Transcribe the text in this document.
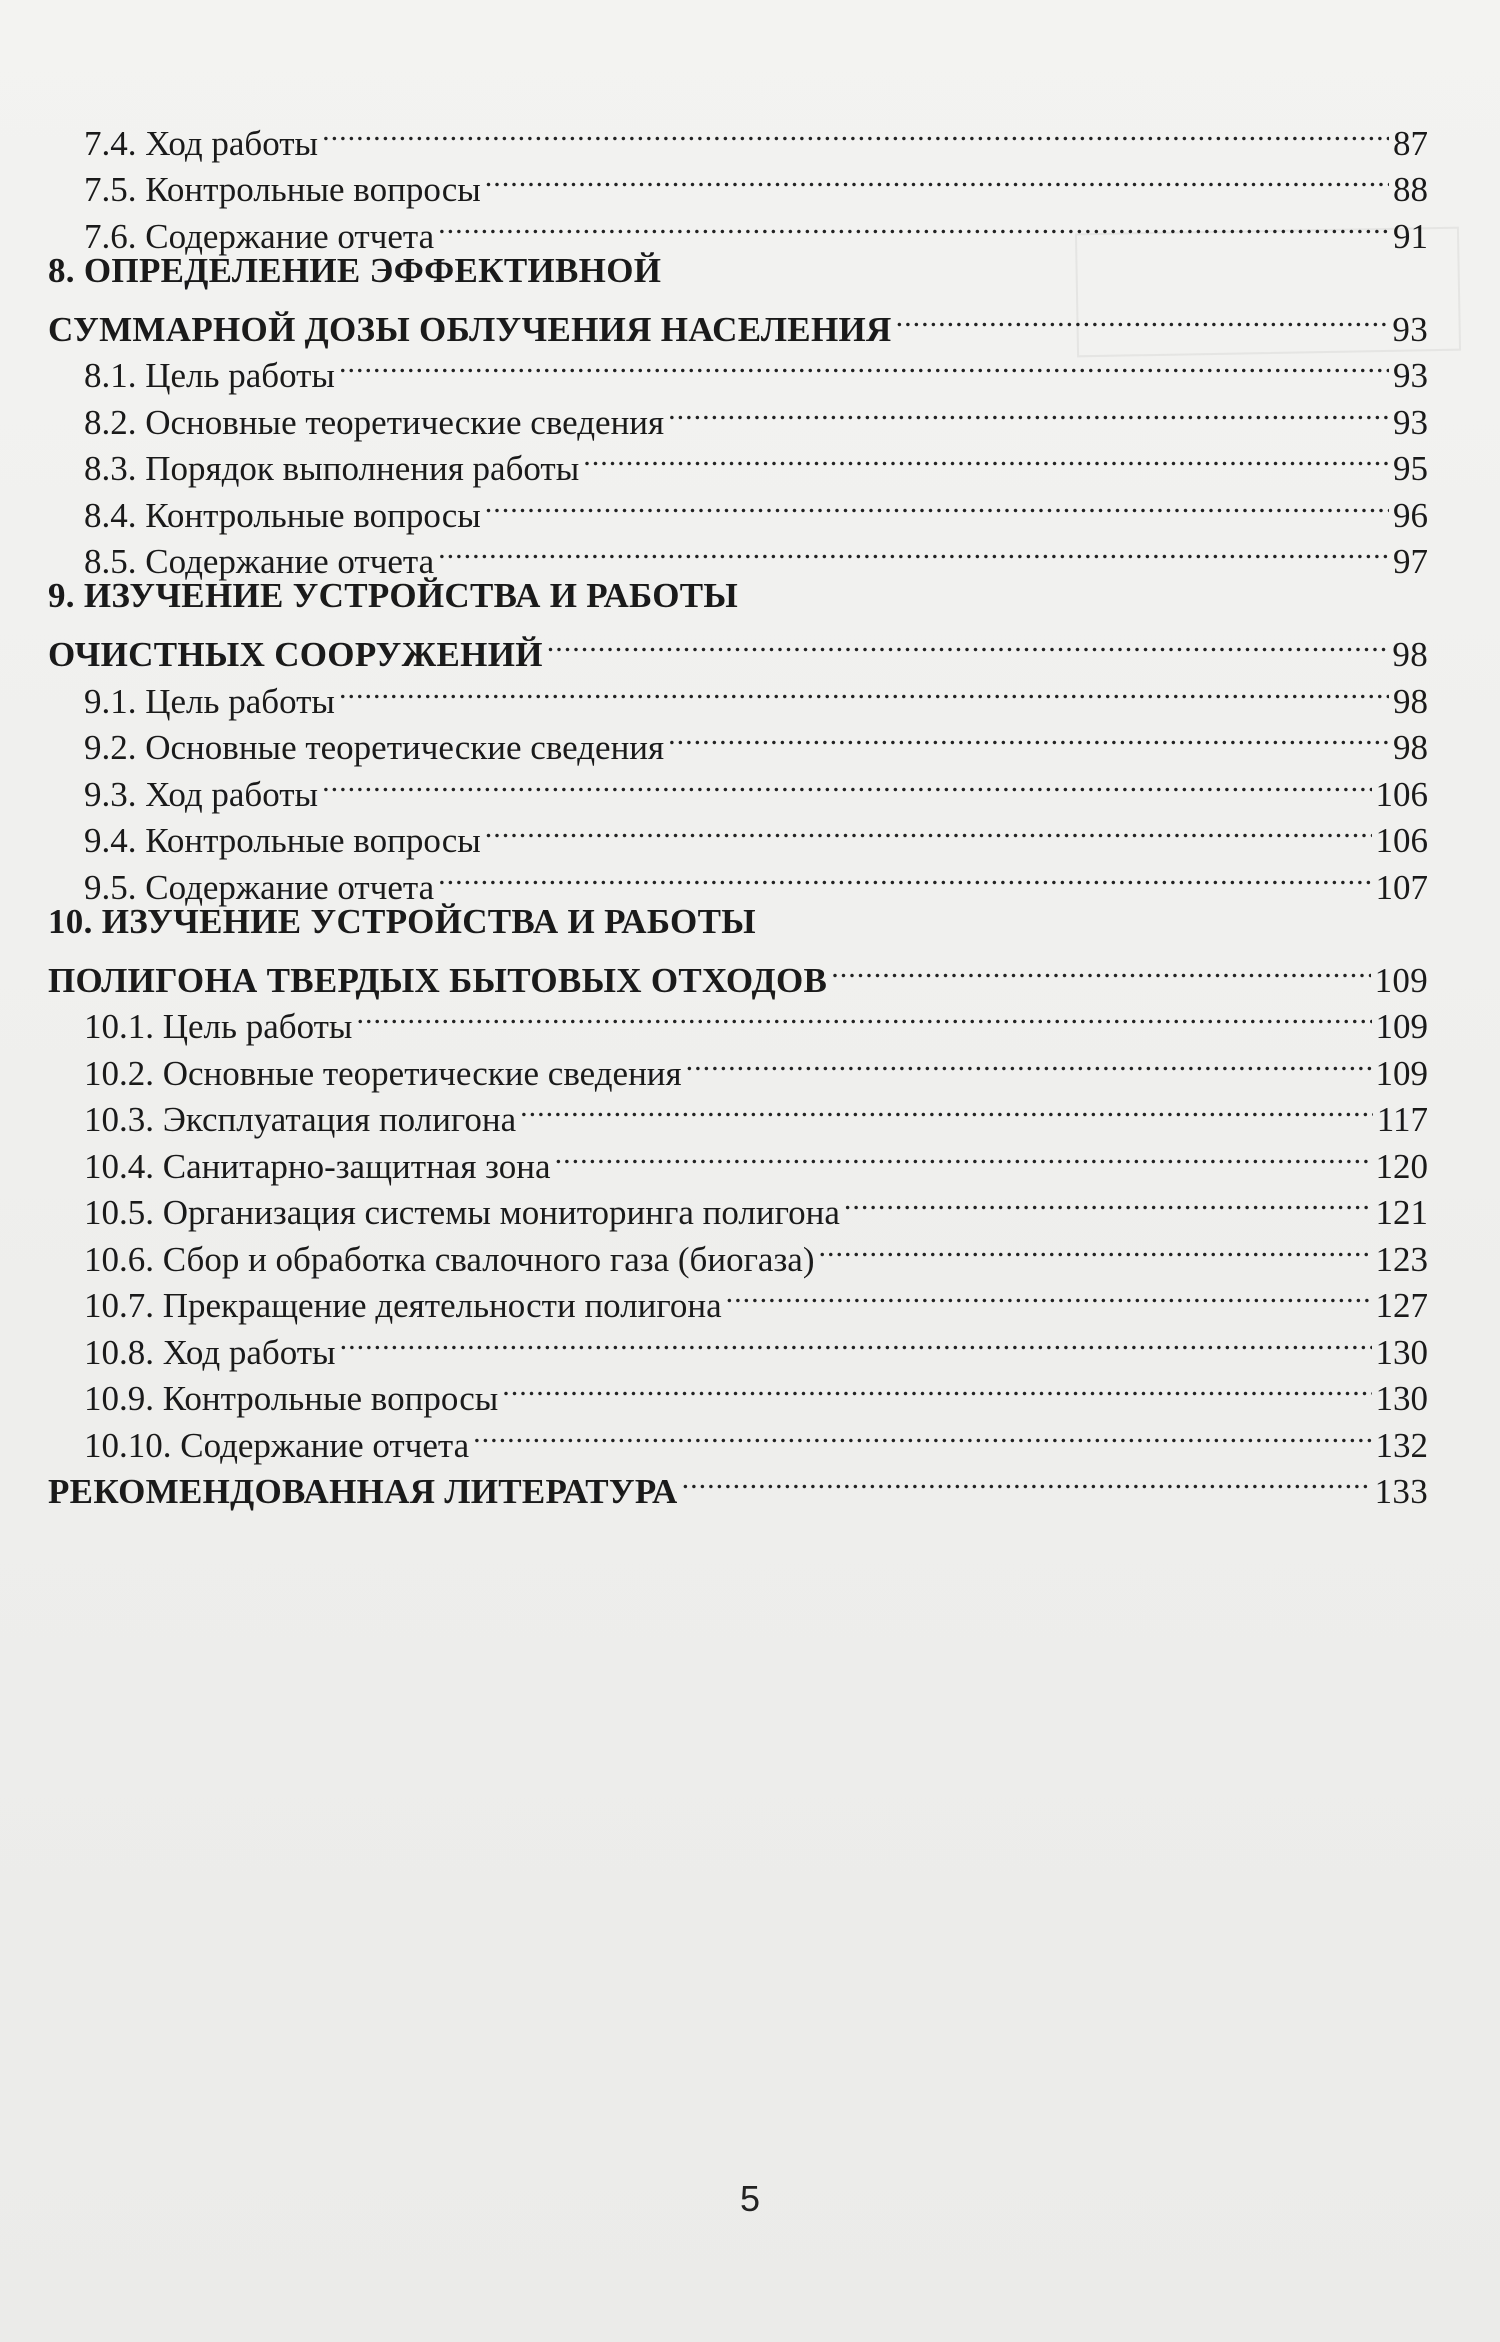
7.4. Ход работы .....	87
7.5. Контрольные вопросы .....	88
7.6. Содержание отчета .....	91
8. ОПРЕДЕЛЕНИЕ ЭФФЕКТИВНОЙ
СУММАРНОЙ ДОЗЫ ОБЛУЧЕНИЯ НАСЕЛЕНИЯ .....	93
8.1. Цель работы .....	93
8.2. Основные теоретические сведения .....	93
8.3. Порядок выполнения работы .....	95
8.4. Контрольные вопросы .....	96
8.5. Содержание отчета .....	97
9. ИЗУЧЕНИЕ УСТРОЙСТВА И РАБОТЫ
ОЧИСТНЫХ СООРУЖЕНИЙ .....	98
9.1. Цель работы .....	98
9.2. Основные теоретические сведения .....	98
9.3. Ход работы .....	106
9.4. Контрольные вопросы .....	106
9.5. Содержание отчета .....	107
10. ИЗУЧЕНИЕ УСТРОЙСТВА И РАБОТЫ
ПОЛИГОНА ТВЕРДЫХ БЫТОВЫХ ОТХОДОВ .....	109
10.1. Цель работы .....	109
10.2. Основные теоретические сведения .....	109
10.3. Эксплуатация полигона .....	117
10.4. Санитарно-защитная зона .....	120
10.5. Организация системы мониторинга полигона .....	121
10.6. Сбор и обработка свалочного газа (биогаза) .....	123
10.7. Прекращение деятельности полигона .....	127
10.8. Ход работы .....	130
10.9. Контрольные вопросы .....	130
10.10. Содержание отчета .....	132
РЕКОМЕНДОВАННАЯ ЛИТЕРАТУРА .....	133
5
